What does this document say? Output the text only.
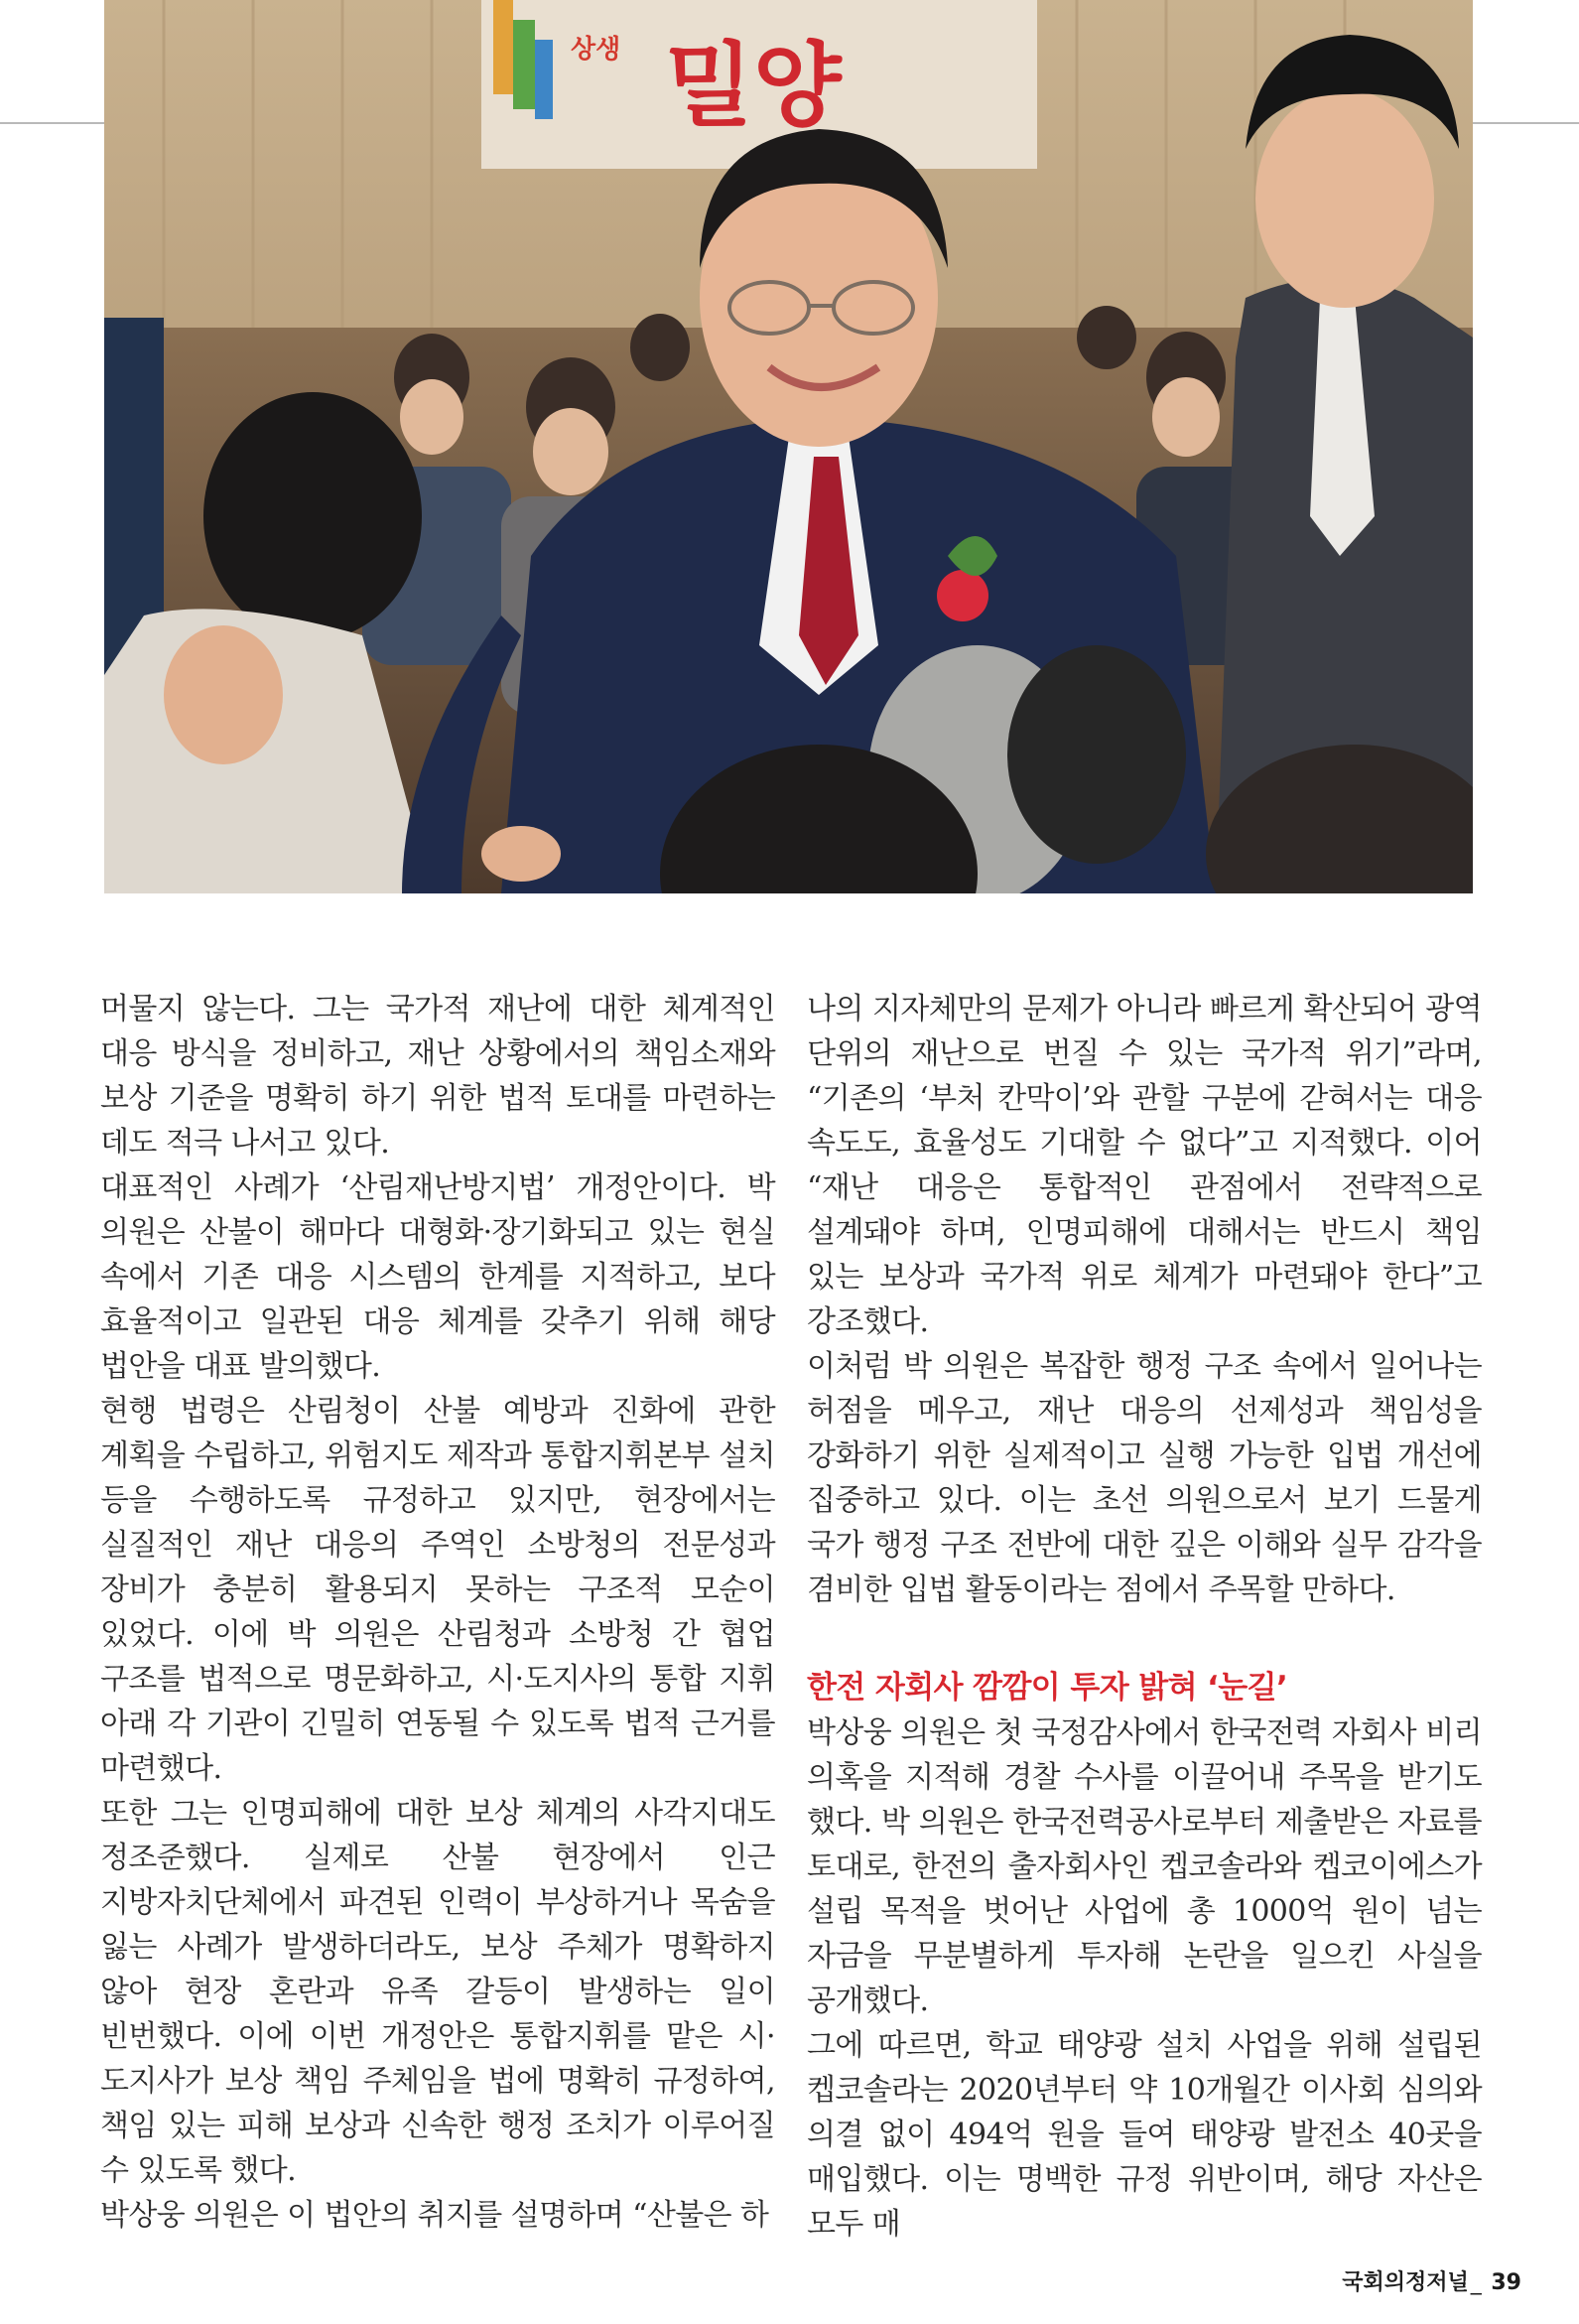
상생 밀양

머물지 않는다. 그는 국가적 재난에 대한 체계적인 대응 방식을 정비하고, 재난 상황에서의 책임소재와 보상 기준을 명확히 하기 위한 법적 토대를 마련하는 데도 적극 나서고 있다.

대표적인 사례가 ‘산림재난방지법’ 개정안이다. 박 의원은 산불이 해마다 대형화·장기화되고 있는 현실 속에서 기존 대응 시스템의 한계를 지적하고, 보다 효율적이고 일관된 대응 체계를 갖추기 위해 해당 법안을 대표 발의했다.

현행 법령은 산림청이 산불 예방과 진화에 관한 계획을 수립하고, 위험지도 제작과 통합지휘본부 설치 등을 수행하도록 규정하고 있지만, 현장에서는 실질적인 재난 대응의 주역인 소방청의 전문성과 장비가 충분히 활용되지 못하는 구조적 모순이 있었다. 이에 박 의원은 산림청과 소방청 간 협업 구조를 법적으로 명문화하고, 시·도지사의 통합 지휘 아래 각 기관이 긴밀히 연동될 수 있도록 법적 근거를 마련했다.

또한 그는 인명피해에 대한 보상 체계의 사각지대도 정조준했다. 실제로 산불 현장에서 인근 지방자치단체에서 파견된 인력이 부상하거나 목숨을 잃는 사례가 발생하더라도, 보상 주체가 명확하지 않아 현장 혼란과 유족 갈등이 발생하는 일이 빈번했다. 이에 이번 개정안은 통합지휘를 맡은 시·도지사가 보상 책임 주체임을 법에 명확히 규정하여, 책임 있는 피해 보상과 신속한 행정 조치가 이루어질 수 있도록 했다.

박상웅 의원은 이 법안의 취지를 설명하며 “산불은 하

나의 지자체만의 문제가 아니라 빠르게 확산되어 광역 단위의 재난으로 번질 수 있는 국가적 위기”라며, “기존의 ‘부처 칸막이’와 관할 구분에 갇혀서는 대응 속도도, 효율성도 기대할 수 없다”고 지적했다. 이어 “재난 대응은 통합적인 관점에서 전략적으로 설계돼야 하며, 인명피해에 대해서는 반드시 책임 있는 보상과 국가적 위로 체계가 마련돼야 한다”고 강조했다.

이처럼 박 의원은 복잡한 행정 구조 속에서 일어나는 허점을 메우고, 재난 대응의 선제성과 책임성을 강화하기 위한 실제적이고 실행 가능한 입법 개선에 집중하고 있다. 이는 초선 의원으로서 보기 드물게 국가 행정 구조 전반에 대한 깊은 이해와 실무 감각을 겸비한 입법 활동이라는 점에서 주목할 만하다.

한전 자회사 깜깜이 투자 밝혀 ‘눈길’

박상웅 의원은 첫 국정감사에서 한국전력 자회사 비리 의혹을 지적해 경찰 수사를 이끌어내 주목을 받기도 했다. 박 의원은 한국전력공사로부터 제출받은 자료를 토대로, 한전의 출자회사인 켑코솔라와 켑코이에스가 설립 목적을 벗어난 사업에 총 1000억 원이 넘는 자금을 무분별하게 투자해 논란을 일으킨 사실을 공개했다.

그에 따르면, 학교 태양광 설치 사업을 위해 설립된 켑코솔라는 2020년부터 약 10개월간 이사회 심의와 의결 없이 494억 원을 들여 태양광 발전소 40곳을 매입했다. 이는 명백한 규정 위반이며, 해당 자산은 모두 매

국회의정저널_ 39
